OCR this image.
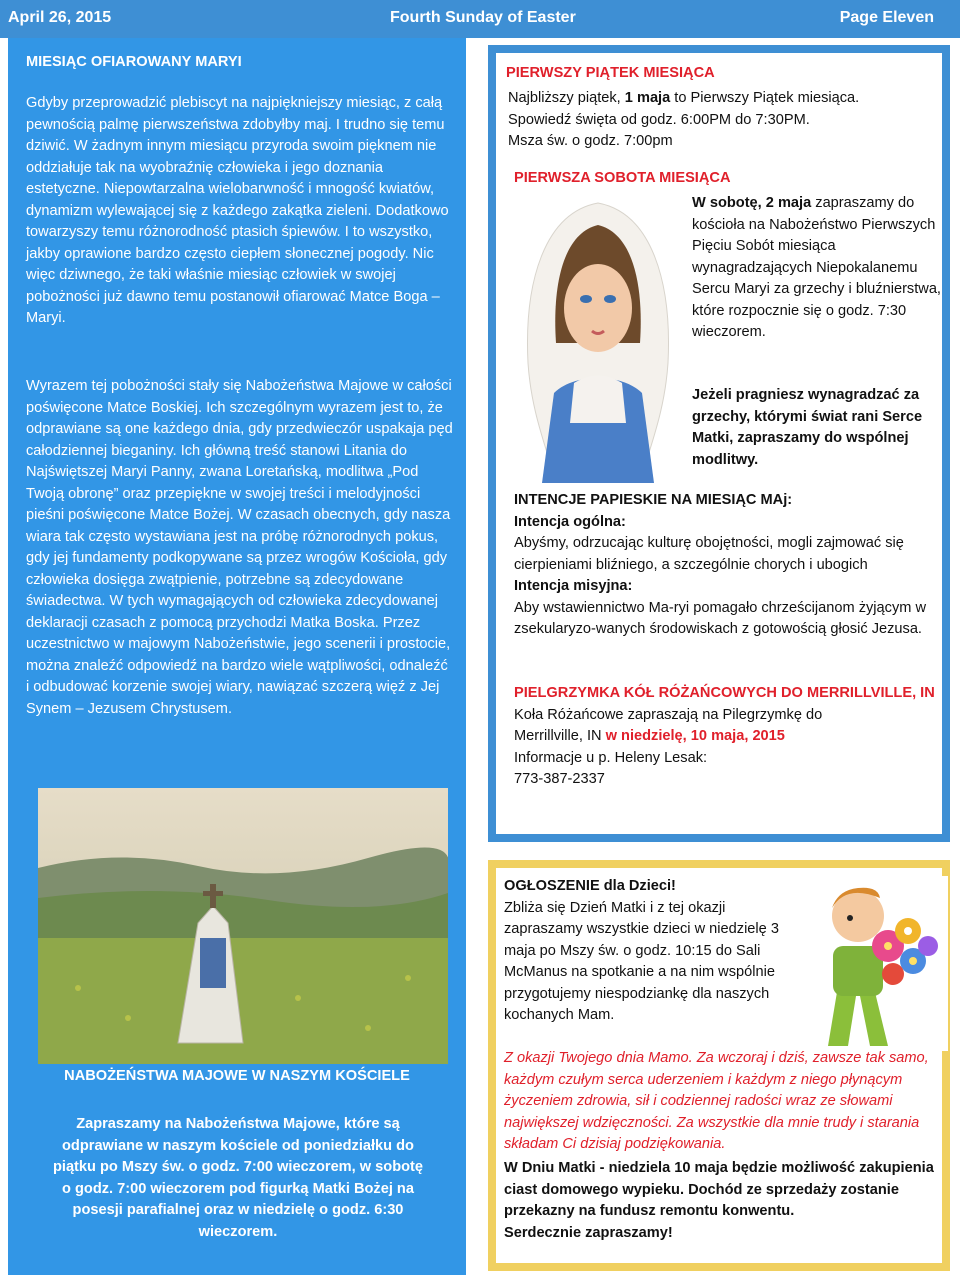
April 26, 2015	Fourth Sunday of Easter	Page Eleven
MIESIĄC OFIAROWANY MARYI

Gdyby przeprowadzić plebiscyt na najpiękniejszy miesiąc, z całą pewnością palmę pierwszeństwa zdobyłby maj. I trudno się temu dziwić. W żadnym innym miesiącu przyroda swoim pięknem nie oddziałuje tak na wyobraźnię człowieka i jego doznania estetyczne. Niepowtarzalna wielobarwność i mnogość kwiatów, dynamizm wylewającej się z każdego zakątka zieleni. Dodatkowo towarzyszy temu różnorodność ptasich śpiewów. I to wszystko, jakby oprawione bardzo często ciepłem słonecznej pogody. Nic więc dziwnego, że taki właśnie miesiąc człowiek w swojej pobożności już dawno temu postanowił ofiarować Matce Boga – Maryi.

Wyrazem tej pobożności stały się Nabożeństwa Majowe w całości poświęcone Matce Boskiej. Ich szczególnym wyrazem jest to, że odprawiane są one każdego dnia, gdy przedwieczór uspakaja pęd całodziennej bieganiny. Ich główną treść stanowi Litania do Najświętszej Maryi Panny, zwana Loretańską, modlitwa „Pod Twoją obronę” oraz przepiękne w swojej treści i melodyjności pieśni poświęcone Matce Bożej. W czasach obecnych, gdy nasza wiara tak często wystawiana jest na próbę różnorodnych pokus, gdy jej fundamenty podkopywane są przez wrogów Kościoła, gdy człowieka dosięga zwątpienie, potrzebne są zdecydowane świadectwa. W tych wymagających od człowieka zdecydowanej deklaracji czasach z pomocą przychodzi Matka Boska. Przez uczestnictwo w majowym Nabożeństwie, jego scenerii i prostocie, można znaleźć odpowiedź na bardzo wiele wątpliwości, odnaleźć i odbudować korzenie swojej wiary, nawiązać szczerą więź z Jej Synem – Jezusem Chrystusem.

NABOŻEŃSTWA MAJOWE W NASZYM KOŚCIELE
Zapraszamy na Nabożeństwa Majowe, które są odprawiane w naszym kościele od poniedziałku do piątku po Mszy św. o godz. 7:00 wieczorem, w sobotę o godz. 7:00 wieczorem pod figurką Matki Bożej na posesji parafialnej oraz w niedzielę o godz. 6:30 wieczorem.
PIERWSZY PIĄTEK MIESIĄCA
Najbliższy piątek, 1 maja to Pierwszy Piątek miesiąca.
Spowiedź święta od godz. 6:00PM do 7:30PM.
Msza św. o godz. 7:00pm
PIERWSZA SOBOTA MIESIĄCA
W sobotę, 2 maja zapraszamy do kościoła na Nabożeństwo Pierwszych Pięciu Sobót miesiąca wynagradzających Niepokalanemu Sercu Maryi za grzechy i bluźnierstwa, które rozpocznie się o godz. 7:30 wieczorem.
Jeżeli pragniesz wynagradzać za grzechy, którymi świat rani Serce Matki, zapraszamy do wspólnej modlitwy.
INTENCJE PAPIESKIE NA MIESIĄC MAj:
Intencja ogólna:
Abyśmy, odrzucając kulturę obojętności, mogli zajmować się cierpieniami bliźniego, a szczególnie chorych i ubogich
Intencja misyjna:
Aby wstawiennictwo Ma-ryi pomagało chrześcijanom żyjącym w zsekularyzo-wanych środowiskach z gotowością głosić Jezusa.
PIELGRZYMKA KÓŁ RÓŻAŃCOWYCH DO MERRILLVILLE, IN
Koła Różańcowe zapraszają na Pilegrzymkę do
Merrillville, IN w niedzielę, 10 maja, 2015
Informacje u p. Heleny Lesak:
773-387-2337
OGŁOSZENIE dla Dzieci!
Zbliża się Dzień Matki i z tej okazji zapraszamy wszystkie dzieci w niedzielę 3 maja po Mszy św. o godz. 10:15 do Sali McManus na spotkanie a na nim wspólnie przygotujemy niespodziankę dla naszych kochanych Mam.
Z okazji Twojego dnia Mamo. Za wczoraj i dziś, zawsze tak samo, każdym czułym serca uderzeniem i każdym z niego płynącym życzeniem zdrowia, sił i codziennej radości wraz ze słowami największej wdzięczności. Za wszystkie dla mnie trudy i starania składam Ci dzisiaj podziękowania.
W Dniu Matki - niedziela 10 maja będzie możliwość zakupienia ciast domowego wypieku. Dochód ze sprzedaży zostanie przekazny na fundusz remontu konwentu.
Serdecznie zapraszamy!
